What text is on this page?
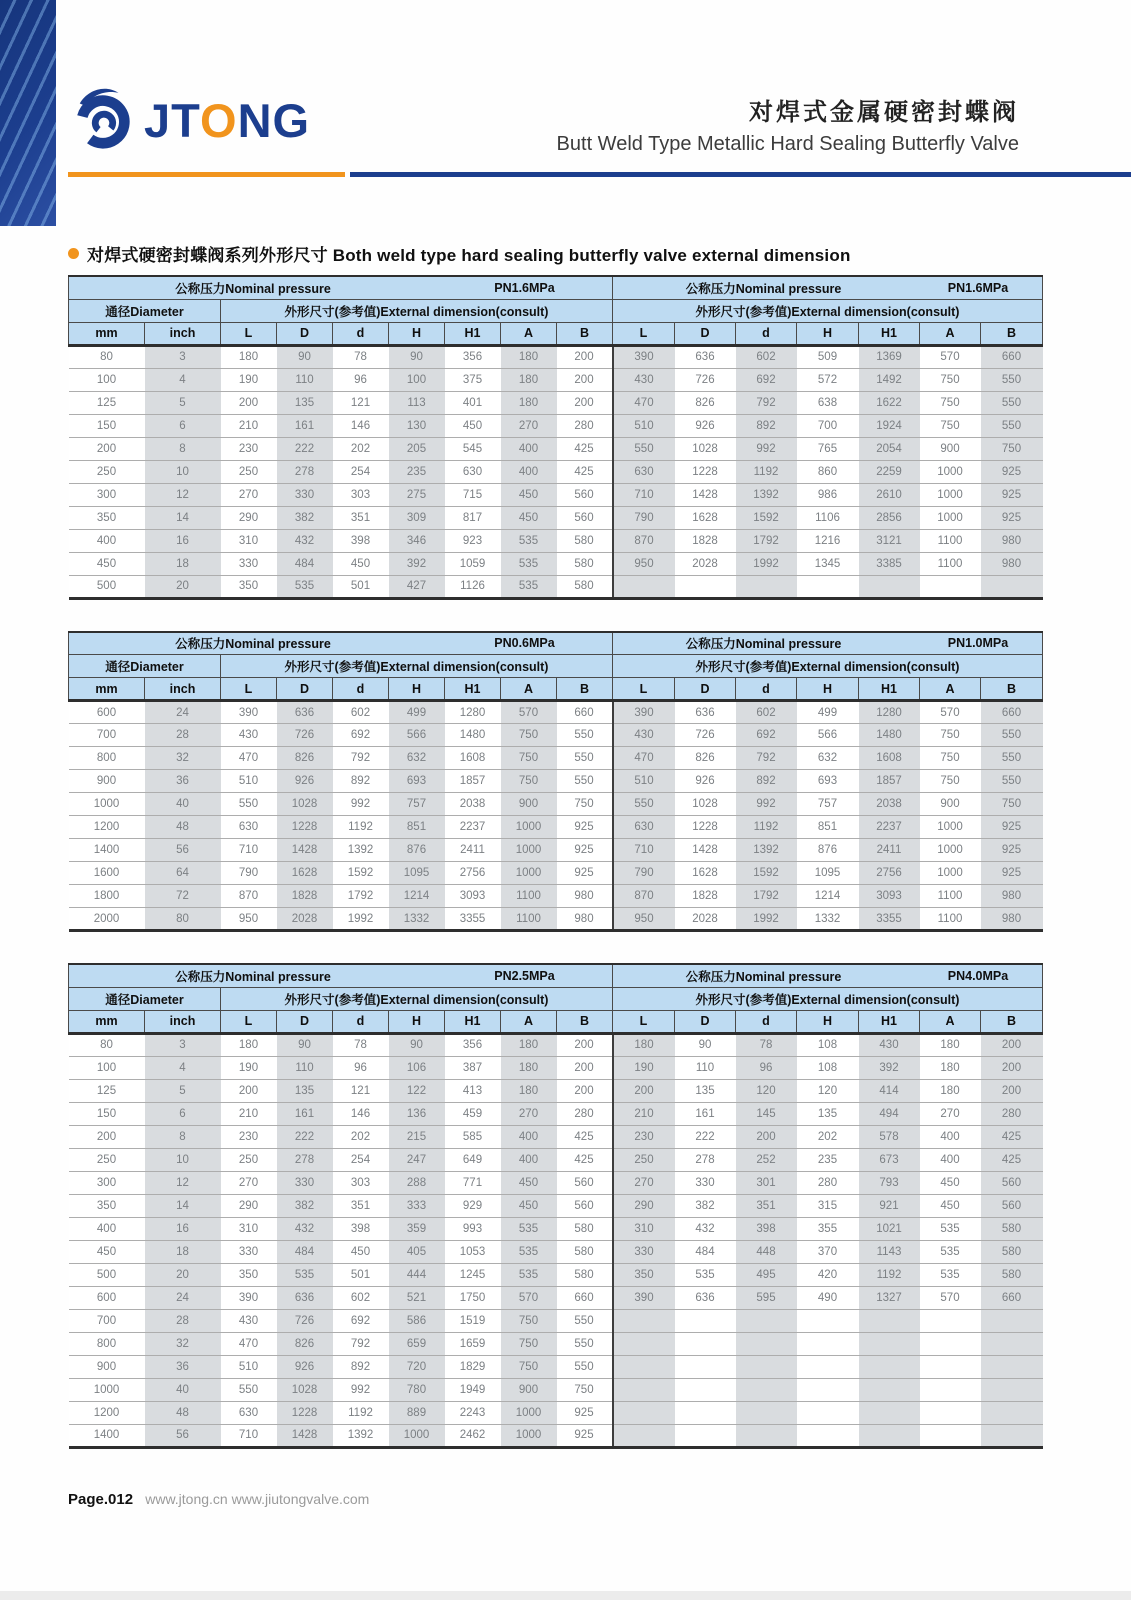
JTONG	对焊式金属硬密封蝶阀
Butt Weld Type Metallic Hard Sealing Butterfly Valve
对焊式硬密封蝶阀系列外形尺寸 Both weld type hard sealing butterfly valve external dimension
公称压力Nominal pressure PN1.6MPa									公称压力Nominal pressure PN1.6MPa						

通径Diameter		外形尺寸(参考值)External dimension(consult)							外形尺寸(参考值)External dimension(consult)						
mm	inch	L	D	d	H	H1	A	B	L	D	d	H	H1	A	B
80	3	180	90	78	90	356	180	200	390	636	602	509	1369	570	660
100	4	190	110	96	100	375	180	200	430	726	692	572	1492	750	550
125	5	200	135	121	113	401	180	200	470	826	792	638	1622	750	550
150	6	210	161	146	130	450	270	280	510	926	892	700	1924	750	550
200	8	230	222	202	205	545	400	425	550	1028	992	765	2054	900	750
250	10	250	278	254	235	630	400	425	630	1228	1192	860	2259	1000	925
300	12	270	330	303	275	715	450	560	710	1428	1392	986	2610	1000	925
350	14	290	382	351	309	817	450	560	790	1628	1592	1106	2856	1000	925
400	16	310	432	398	346	923	535	580	870	1828	1792	1216	3121	1100	980
450	18	330	484	450	392	1059	535	580	950	2028	1992	1345	3385	1100	980
500	20	350	535	501	427	1126	535	580							
公称压力Nominal pressure PN0.6MPa									公称压力Nominal pressure PN1.0MPa						

通径Diameter		外形尺寸(参考值)External dimension(consult)							外形尺寸(参考值)External dimension(consult)						
mm	inch	L	D	d	H	H1	A	B	L	D	d	H	H1	A	B
600	24	390	636	602	499	1280	570	660	390	636	602	499	1280	570	660
700	28	430	726	692	566	1480	750	550	430	726	692	566	1480	750	550
800	32	470	826	792	632	1608	750	550	470	826	792	632	1608	750	550
900	36	510	926	892	693	1857	750	550	510	926	892	693	1857	750	550
1000	40	550	1028	992	757	2038	900	750	550	1028	992	757	2038	900	750
1200	48	630	1228	1192	851	2237	1000	925	630	1228	1192	851	2237	1000	925
1400	56	710	1428	1392	876	2411	1000	925	710	1428	1392	876	2411	1000	925
1600	64	790	1628	1592	1095	2756	1000	925	790	1628	1592	1095	2756	1000	925
1800	72	870	1828	1792	1214	3093	1100	980	870	1828	1792	1214	3093	1100	980
2000	80	950	2028	1992	1332	3355	1100	980	950	2028	1992	1332	3355	1100	980
公称压力Nominal pressure PN2.5MPa									公称压力Nominal pressure PN4.0MPa						

通径Diameter		外形尺寸(参考值)External dimension(consult)							外形尺寸(参考值)External dimension(consult)						
mm	inch	L	D	d	H	H1	A	B	L	D	d	H	H1	A	B
80	3	180	90	78	90	356	180	200	180	90	78	108	430	180	200
100	4	190	110	96	106	387	180	200	190	110	96	108	392	180	200
125	5	200	135	121	122	413	180	200	200	135	120	120	414	180	200
150	6	210	161	146	136	459	270	280	210	161	145	135	494	270	280
200	8	230	222	202	215	585	400	425	230	222	200	202	578	400	425
250	10	250	278	254	247	649	400	425	250	278	252	235	673	400	425
300	12	270	330	303	288	771	450	560	270	330	301	280	793	450	560
350	14	290	382	351	333	929	450	560	290	382	351	315	921	450	560
400	16	310	432	398	359	993	535	580	310	432	398	355	1021	535	580
450	18	330	484	450	405	1053	535	580	330	484	448	370	1143	535	580
500	20	350	535	501	444	1245	535	580	350	535	495	420	1192	535	580
600	24	390	636	602	521	1750	570	660	390	636	595	490	1327	570	660
700	28	430	726	692	586	1519	750	550							
800	32	470	826	792	659	1659	750	550							
900	36	510	926	892	720	1829	750	550							
1000	40	550	1028	992	780	1949	900	750							
1200	48	630	1228	1192	889	2243	1000	925							
1400	56	710	1428	1392	1000	2462	1000	925							
Page.012 www.jtong.cn www.jiutongvalve.com
